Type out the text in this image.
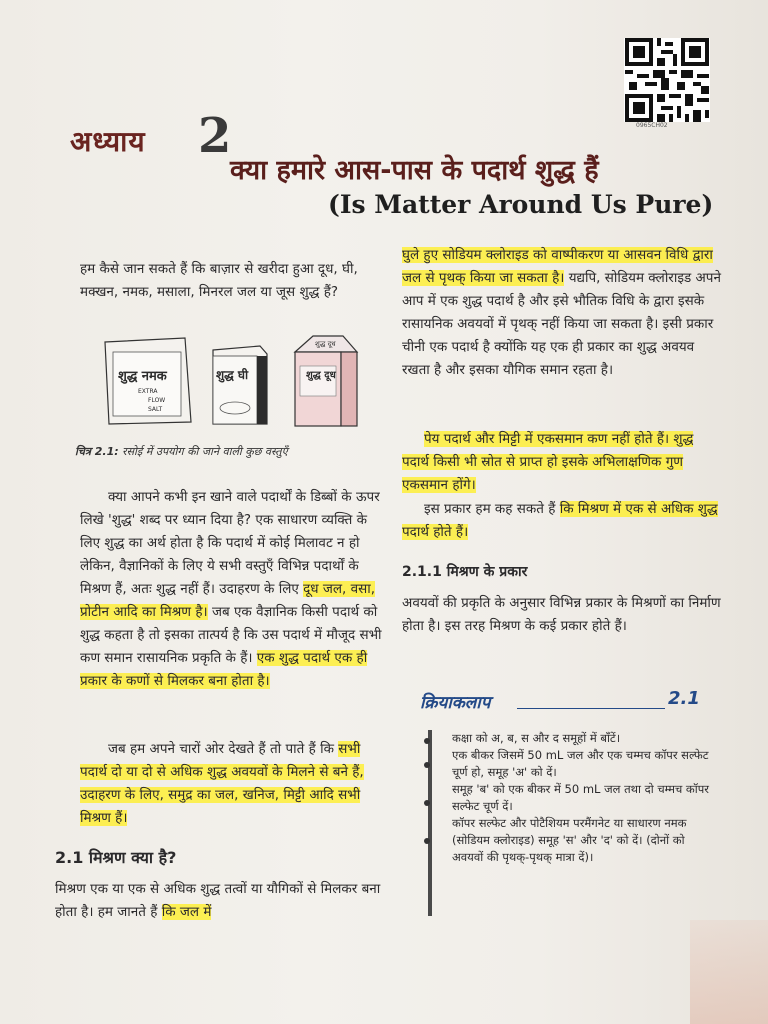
0965CH02
अध्याय 2
क्या हमारे आस-पास के पदार्थ शुद्ध हैं
(Is Matter Around Us Pure)
हम कैसे जान सकते हैं कि बाज़ार से खरीदा हुआ दूध, घी, मक्खन, नमक, मसाला, मिनरल जल या जूस शुद्ध हैं?
शुद्ध नमक
EXTRA
FLOW
SALT
शुद्ध घी
शुद्ध दूध
शुद्ध दूध
चित्र 2.1: रसोई में उपयोग की जाने वाली कुछ वस्तुएँ
क्या आपने कभी इन खाने वाले पदार्थों के डिब्बों के ऊपर लिखे 'शुद्ध' शब्द पर ध्यान दिया है? एक साधारण व्यक्ति के लिए शुद्ध का अर्थ होता है कि पदार्थ में कोई मिलावट न हो लेकिन, वैज्ञानिकों के लिए ये सभी वस्तुएँ विभिन्न पदार्थों के मिश्रण हैं, अतः शुद्ध नहीं हैं। उदाहरण के लिए दूध जल, वसा, प्रोटीन आदि का मिश्रण है। जब एक वैज्ञानिक किसी पदार्थ को शुद्ध कहता है तो इसका तात्पर्य है कि उस पदार्थ में मौजूद सभी कण समान रासायनिक प्रकृति के हैं। एक शुद्ध पदार्थ एक ही प्रकार के कणों से मिलकर बना होता है।
जब हम अपने चारों ओर देखते हैं तो पाते हैं कि सभी पदार्थ दो या दो से अधिक शुद्ध अवयवों के मिलने से बने हैं, उदाहरण के लिए, समुद्र का जल, खनिज, मिट्टी आदि सभी मिश्रण हैं।
2.1 मिश्रण क्या है?
मिश्रण एक या एक से अधिक शुद्ध तत्वों या यौगिकों से मिलकर बना होता है। हम जानते हैं कि जल में
घुले हुए सोडियम क्लोराइड को वाष्पीकरण या आसवन विधि द्वारा जल से पृथक् किया जा सकता है। यद्यपि, सोडियम क्लोराइड अपने आप में एक शुद्ध पदार्थ है और इसे भौतिक विधि के द्वारा इसके रासायनिक अवयवों में पृथक् नहीं किया जा सकता है। इसी प्रकार चीनी एक पदार्थ है क्योंकि यह एक ही प्रकार का शुद्ध अवयव रखता है और इसका यौगिक समान रहता है।
पेय पदार्थ और मिट्टी में एकसमान कण नहीं होते हैं। शुद्ध पदार्थ किसी भी स्रोत से प्राप्त हो इसके अभिलाक्षणिक गुण एकसमान होंगे।
इस प्रकार हम कह सकते हैं कि मिश्रण में एक से अधिक शुद्ध पदार्थ होते हैं।
2.1.1 मिश्रण के प्रकार
अवयवों की प्रकृति के अनुसार विभिन्न प्रकार के मिश्रणों का निर्माण होता है। इस तरह मिश्रण के कई प्रकार होते हैं।
क्रियाकलाप	2.1
कक्षा को अ, ब, स और द समूहों में बाँटें।
एक बीकर जिसमें 50 mL जल और एक चम्मच कॉपर सल्फेट चूर्ण हो, समूह 'अ' को दें।
समूह 'ब' को एक बीकर में 50 mL जल तथा दो चम्मच कॉपर सल्फेट चूर्ण दें।
कॉपर सल्फेट और पोटैशियम परमैंगनेट या साधारण नमक (सोडियम क्लोराइड) समूह 'स' और 'द' को दें। (दोनों को अवयवों की पृथक्-पृथक् मात्रा दें)।
